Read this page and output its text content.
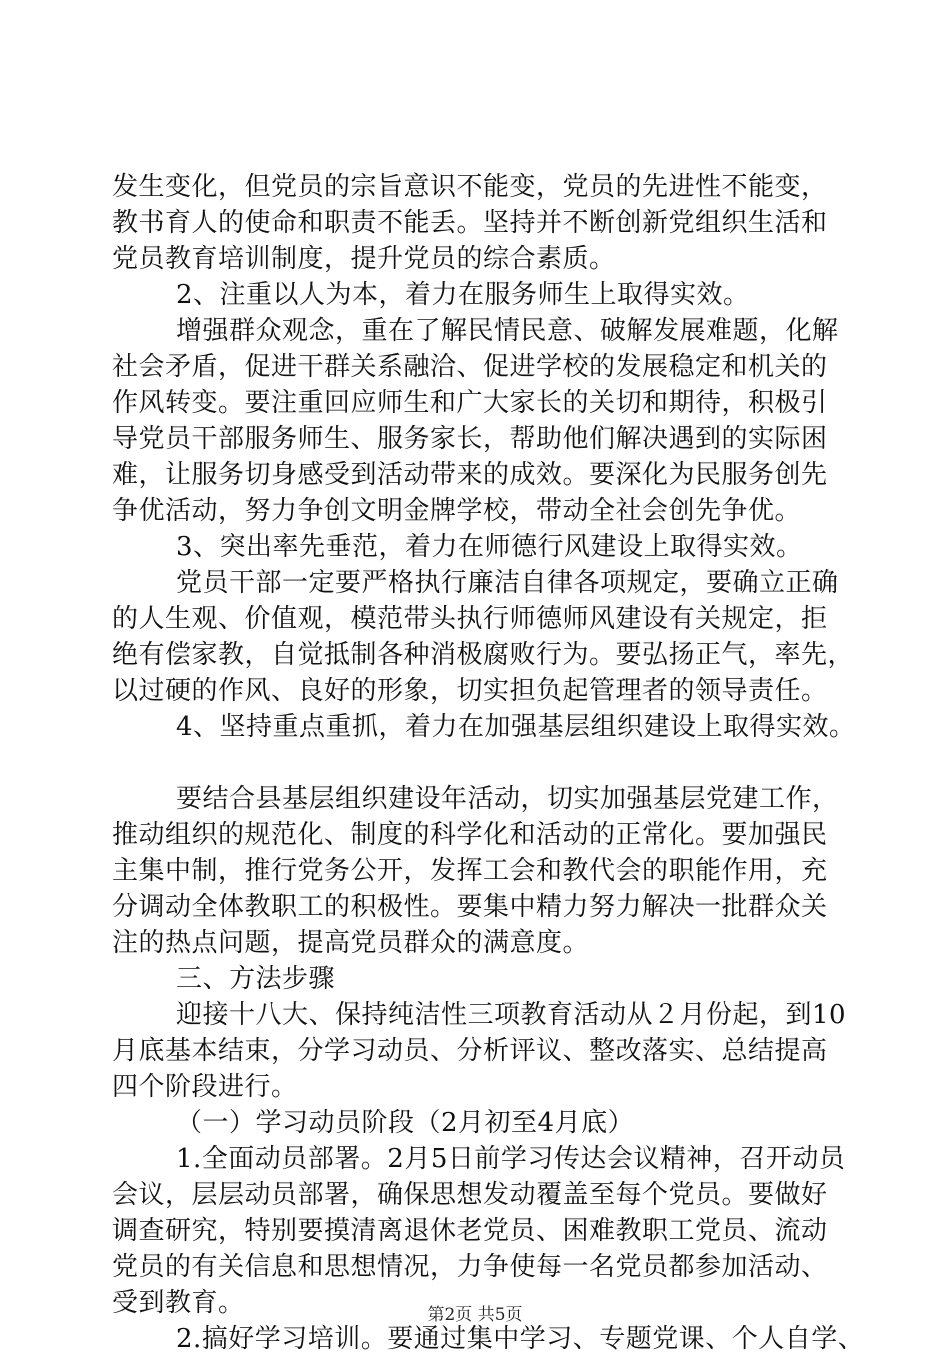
发生变化，但党员的宗旨意识不能变，党员的先进性不能变，
教书育人的使命和职责不能丢。坚持并不断创新党组织生活和
党员教育培训制度，提升党员的综合素质。
2、注重以人为本，着力在服务师生上取得实效。
增强群众观念，重在了解民情民意、破解发展难题，化解
社会矛盾，促进干群关系融洽、促进学校的发展稳定和机关的
作风转变。要注重回应师生和广大家长的关切和期待，积极引
导党员干部服务师生、服务家长，帮助他们解决遇到的实际困
难，让服务切身感受到活动带来的成效。要深化为民服务创先
争优活动，努力争创文明金牌学校，带动全社会创先争优。
3、突出率先垂范，着力在师德行风建设上取得实效。
党员干部一定要严格执行廉洁自律各项规定，要确立正确
的人生观、价值观，模范带头执行师德师风建设有关规定，拒
绝有偿家教，自觉抵制各种消极腐败行为。要弘扬正气，率先，
以过硬的作风、良好的形象，切实担负起管理者的领导责任。
4、坚持重点重抓，着力在加强基层组织建设上取得实效。
要结合县基层组织建设年活动，切实加强基层党建工作，
推动组织的规范化、制度的科学化和活动的正常化。要加强民
主集中制，推行党务公开，发挥工会和教代会的职能作用，充
分调动全体教职工的积极性。要集中精力努力解决一批群众关
注的热点问题，提高党员群众的满意度。
三、方法步骤
迎接十八大、保持纯洁性三项教育活动从２月份起，到10
月底基本结束，分学习动员、分析评议、整改落实、总结提高
四个阶段进行。
（一）学习动员阶段（2月初至4月底）
1.全面动员部署。2月5日前学习传达会议精神，召开动员
会议，层层动员部署，确保思想发动覆盖至每个党员。要做好
调查研究，特别要摸清离退休老党员、困难教职工党员、流动
党员的有关信息和思想情况，力争使每一名党员都参加活动、
受到教育。
2.搞好学习培训。要通过集中学习、专题党课、个人自学、
第2页 共5页
